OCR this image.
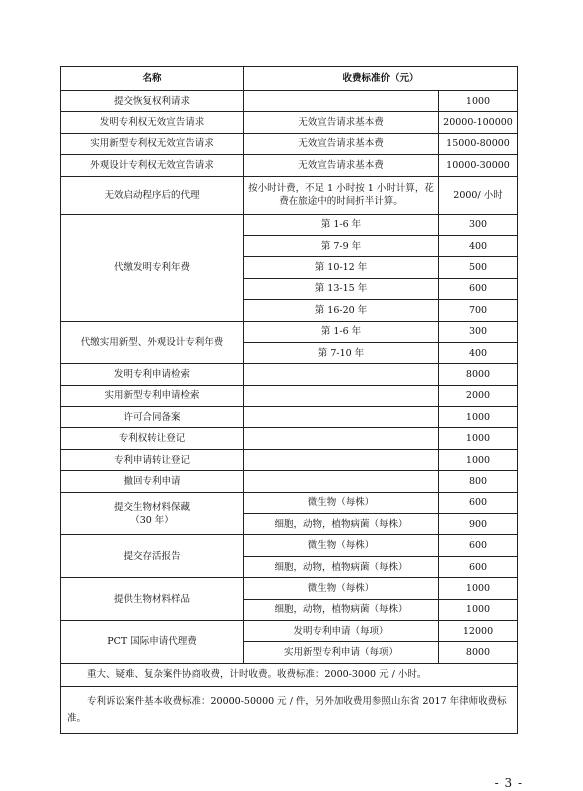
名称	收费标准价（元）	
提交恢复权利请求		1000
发明专利权无效宣告请求	无效宣告请求基本费	20000-100000
实用新型专利权无效宣告请求	无效宣告请求基本费	15000-80000
外观设计专利权无效宣告请求	无效宣告请求基本费	10000-30000
无效启动程序后的代理	按小时计费，不足 1 小时按 1 小时计算，花费在旅途中的时间折半计算。	2000/ 小时
代缴发明专利年费	第 1-6 年	300
	第 7-9 年	400
	第 10-12 年	500
	第 13-15 年	600
	第 16-20 年	700
代缴实用新型、外观设计专利年费	第 1-6 年	300
	第 7-10 年	400
发明专利申请检索		8000
实用新型专利申请检索		2000
许可合同备案		1000
专利权转让登记		1000
专利申请转让登记		1000
撤回专利申请		800

提交生物材料保藏
（30 年）	微生物（每株）	600
	细胞，动物，植物病菌（每株）	900
提交存活报告	微生物（每株）	600
	细胞，动物，植物病菌（每株）	600
提供生物材料样品	微生物（每株）	1000
	细胞，动物，植物病菌（每株）	1000
PCT 国际申请代理费	发明专利申请（每项）	12000
	实用新型专利申请（每项）	8000
重大、疑难、复杂案件协商收费，计时收费。收费标准：2000-3000 元 / 小时。		
专利诉讼案件基本收费标准：20000-50000 元 / 件，另外加收费用参照山东省 2017 年律师收费标准。		
- 3 -
